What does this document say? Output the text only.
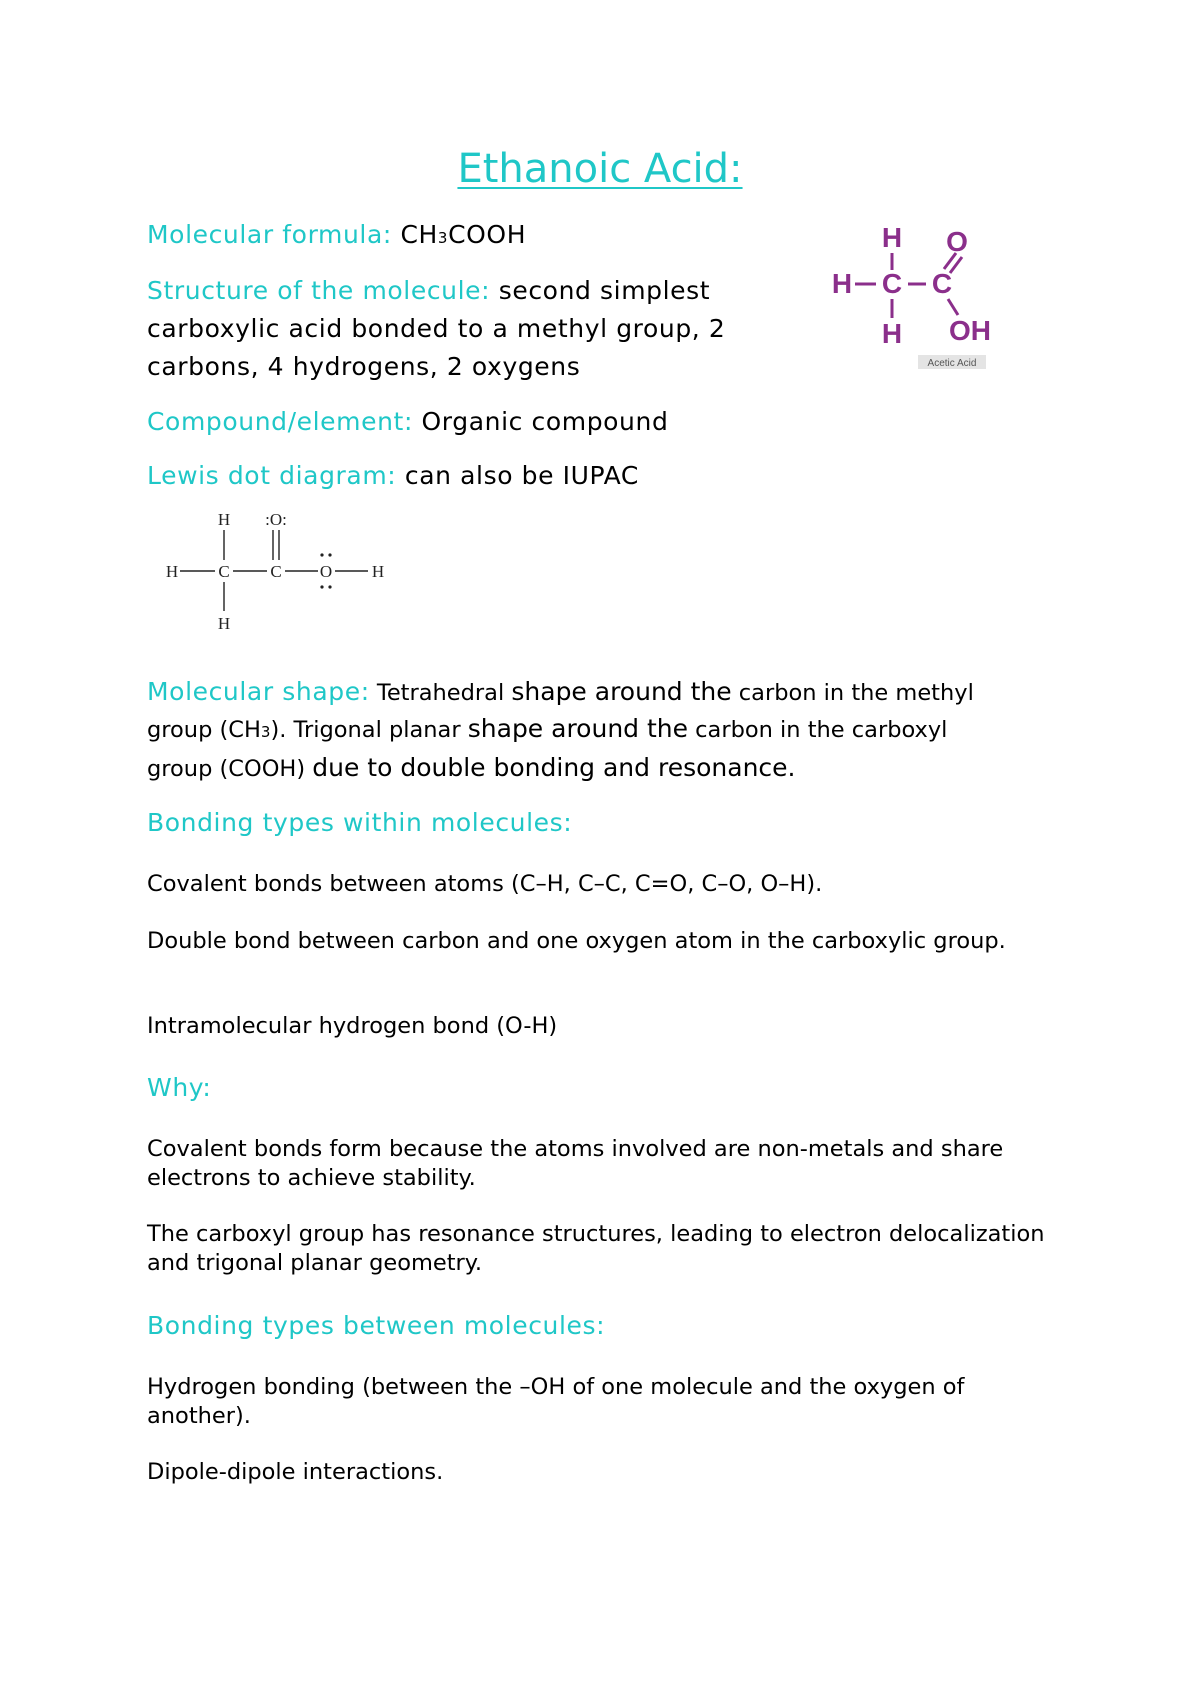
Ethanoic Acid:
Molecular formula: CH3COOH

Structure of the molecule: second simplest

carboxylic acid bonded to a methyl group, 2

carbons, 4 hydrogens, 2 oxygens

Compound/element: Organic compound
Lewis dot diagram: can also be IUPAC
H O
H C C
H OH
Acetic Acid
H :O:
H C C O H
H

Molecular shape: Tetrahedral shape around the carbon in the methyl

group (CH3). Trigonal planar shape around the carbon in the carboxyl

group (COOH) due to double bonding and resonance.

Bonding types within molecules:
Covalent bonds between atoms (C–H, C–C, C=O, C–O, O–H).
Double bond between carbon and one oxygen atom in the carboxylic group.
Intramolecular hydrogen bond (O-H)
Why:
Covalent bonds form because the atoms involved are non-metals and share electrons to achieve stability.
The carboxyl group has resonance structures, leading to electron delocalization and trigonal planar geometry.
Bonding types between molecules:
Hydrogen bonding (between the –OH of one molecule and the oxygen of another).
Dipole-dipole interactions.
